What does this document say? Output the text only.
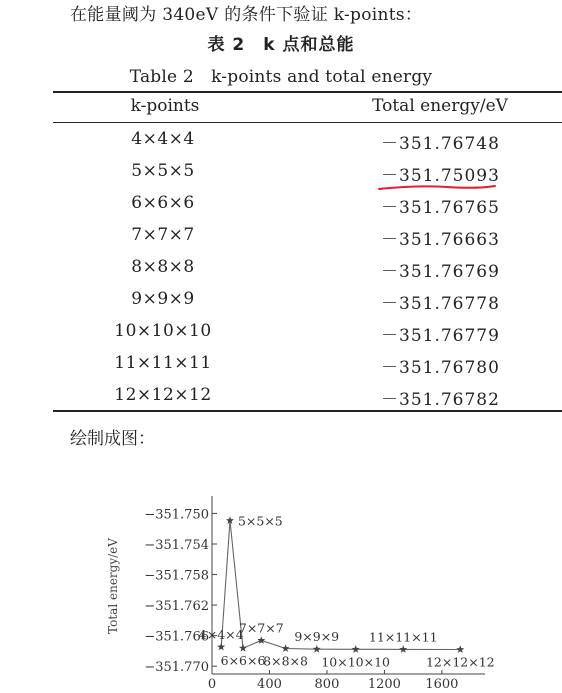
在能量阈为 340eV 的条件下验证 k-points：
表 2　k 点和总能
Table 2　k-points and total energy
k-points	Total energy/eV
4×4×4	－351.76748
5×5×5	－351.75093
6×6×6	－351.76765
7×7×7	－351.76663
8×8×8	－351.76769
9×9×9	－351.76778
10×10×10	－351.76779
11×11×11	－351.76780
12×12×12	－351.76782
绘制成图：
−351.750
−351.754
−351.758
−351.762
−351.766
−351.770
0	400	800 1200 1600
Total energy/eV
4×4×4
5×5×5
6×6×6
7×7×7
8×8×8
9×9×9
10×10×10
11×11×11
12×12×12
